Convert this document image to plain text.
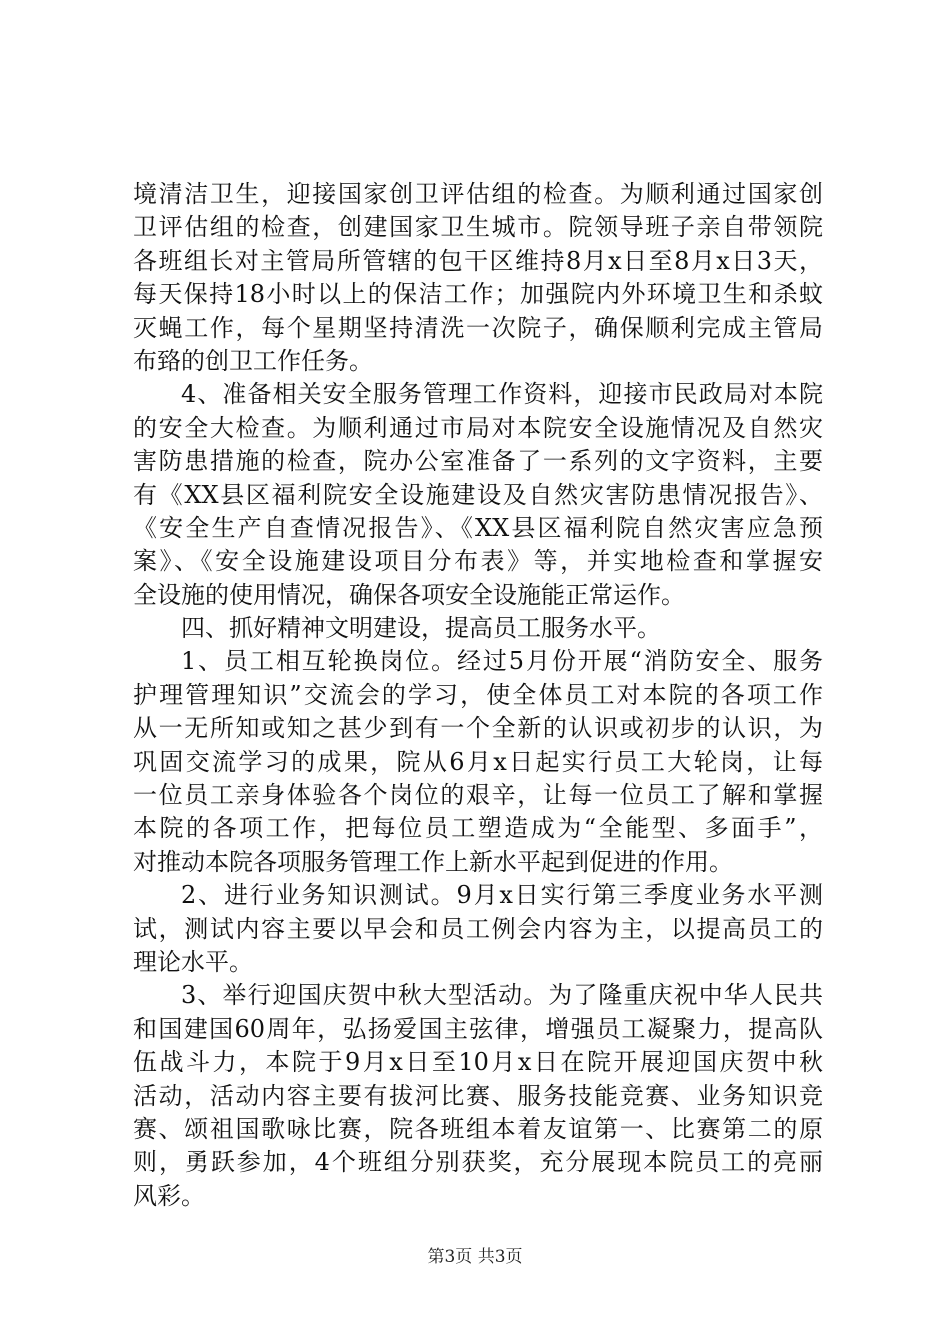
境清洁卫生，迎接国家创卫评估组的检查。为顺利通过国家创
卫评估组的检查，创建国家卫生城市。院领导班子亲自带领院
各班组长对主管局所管辖的包干区维持8月x日至8月x日3天，
每天保持18小时以上的保洁工作；加强院内外环境卫生和杀蚊
灭蝇工作，每个星期坚持清洗一次院子，确保顺利完成主管局
布臵的创卫工作任务。
4、准备相关安全服务管理工作资料，迎接市民政局对本院
的安全大检查。为顺利通过市局对本院安全设施情况及自然灾
害防患措施的检查，院办公室准备了一系列的文字资料，主要
有《XX县区福利院安全设施建设及自然灾害防患情况报告》、
《安全生产自查情况报告》、《XX县区福利院自然灾害应急预
案》、《安全设施建设项目分布表》等，并实地检查和掌握安
全设施的使用情况，确保各项安全设施能正常运作。
四、抓好精神文明建设，提高员工服务水平。
1、员工相互轮换岗位。经过5月份开展“消防安全、服务
护理管理知识”交流会的学习，使全体员工对本院的各项工作
从一无所知或知之甚少到有一个全新的认识或初步的认识，为
巩固交流学习的成果，院从6月x日起实行员工大轮岗，让每
一位员工亲身体验各个岗位的艰辛，让每一位员工了解和掌握
本院的各项工作，把每位员工塑造成为“全能型、多面手”，
对推动本院各项服务管理工作上新水平起到促进的作用。
2、进行业务知识测试。9月x日实行第三季度业务水平测
试，测试内容主要以早会和员工例会内容为主，以提高员工的
理论水平。
3、举行迎国庆贺中秋大型活动。为了隆重庆祝中华人民共
和国建国60周年，弘扬爱国主弦律，增强员工凝聚力，提高队
伍战斗力，本院于9月x日至10月x日在院开展迎国庆贺中秋
活动，活动内容主要有拔河比赛、服务技能竞赛、业务知识竞
赛、颂祖国歌咏比赛，院各班组本着友谊第一、比赛第二的原
则，勇跃参加，4个班组分别获奖，充分展现本院员工的亮丽
风彩。
第3页 共3页
